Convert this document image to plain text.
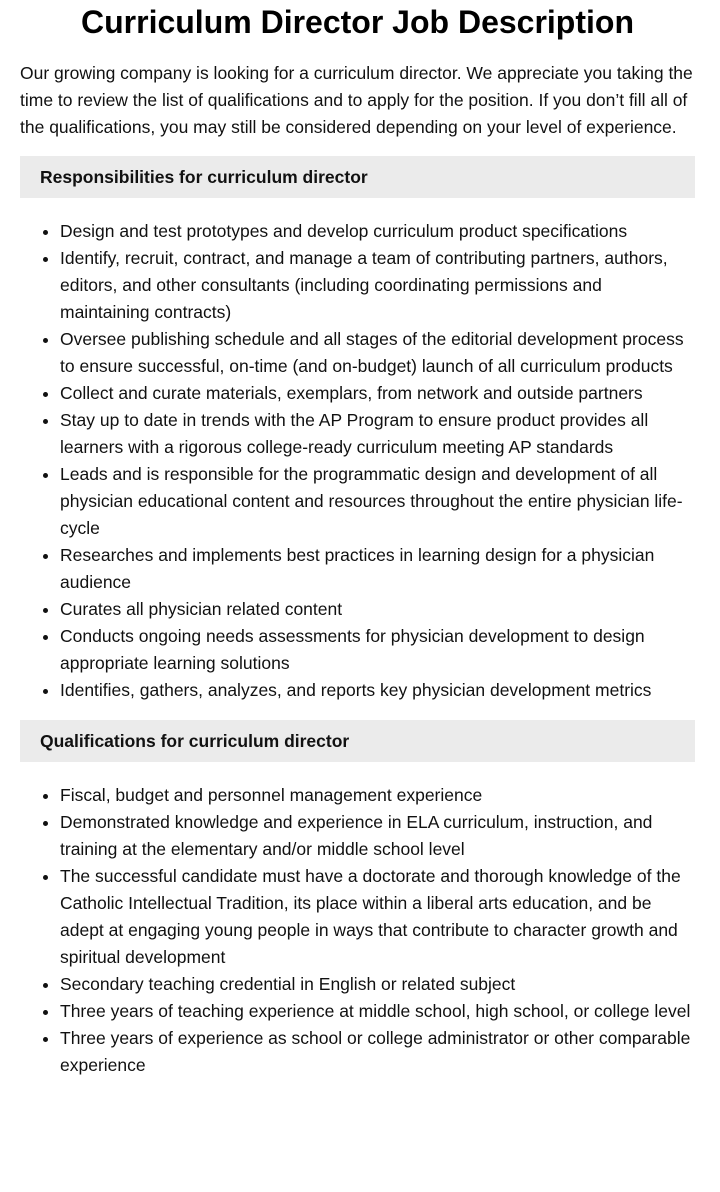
Curriculum Director Job Description

Our growing company is looking for a curriculum director. We appreciate you taking the time to review the list of qualifications and to apply for the position. If you don’t fill all of the qualifications, you may still be considered depending on your level of experience.

Responsibilities for curriculum director
• Design and test prototypes and develop curriculum product specifications
• Identify, recruit, contract, and manage a team of contributing partners, authors, editors, and other consultants (including coordinating permissions and maintaining contracts)
• Oversee publishing schedule and all stages of the editorial development process to ensure successful, on-time (and on-budget) launch of all curriculum products
• Collect and curate materials, exemplars, from network and outside partners
• Stay up to date in trends with the AP Program to ensure product provides all learners with a rigorous college-ready curriculum meeting AP standards
• Leads and is responsible for the programmatic design and development of all physician educational content and resources throughout the entire physician life-cycle
• Researches and implements best practices in learning design for a physician audience
• Curates all physician related content
• Conducts ongoing needs assessments for physician development to design appropriate learning solutions
• Identifies, gathers, analyzes, and reports key physician development metrics
Qualifications for curriculum director
• Fiscal, budget and personnel management experience
• Demonstrated knowledge and experience in ELA curriculum, instruction, and training at the elementary and/or middle school level
• The successful candidate must have a doctorate and thorough knowledge of the Catholic Intellectual Tradition, its place within a liberal arts education, and be adept at engaging young people in ways that contribute to character growth and spiritual development
• Secondary teaching credential in English or related subject
• Three years of teaching experience at middle school, high school, or college level
• Three years of experience as school or college administrator or other comparable experience
